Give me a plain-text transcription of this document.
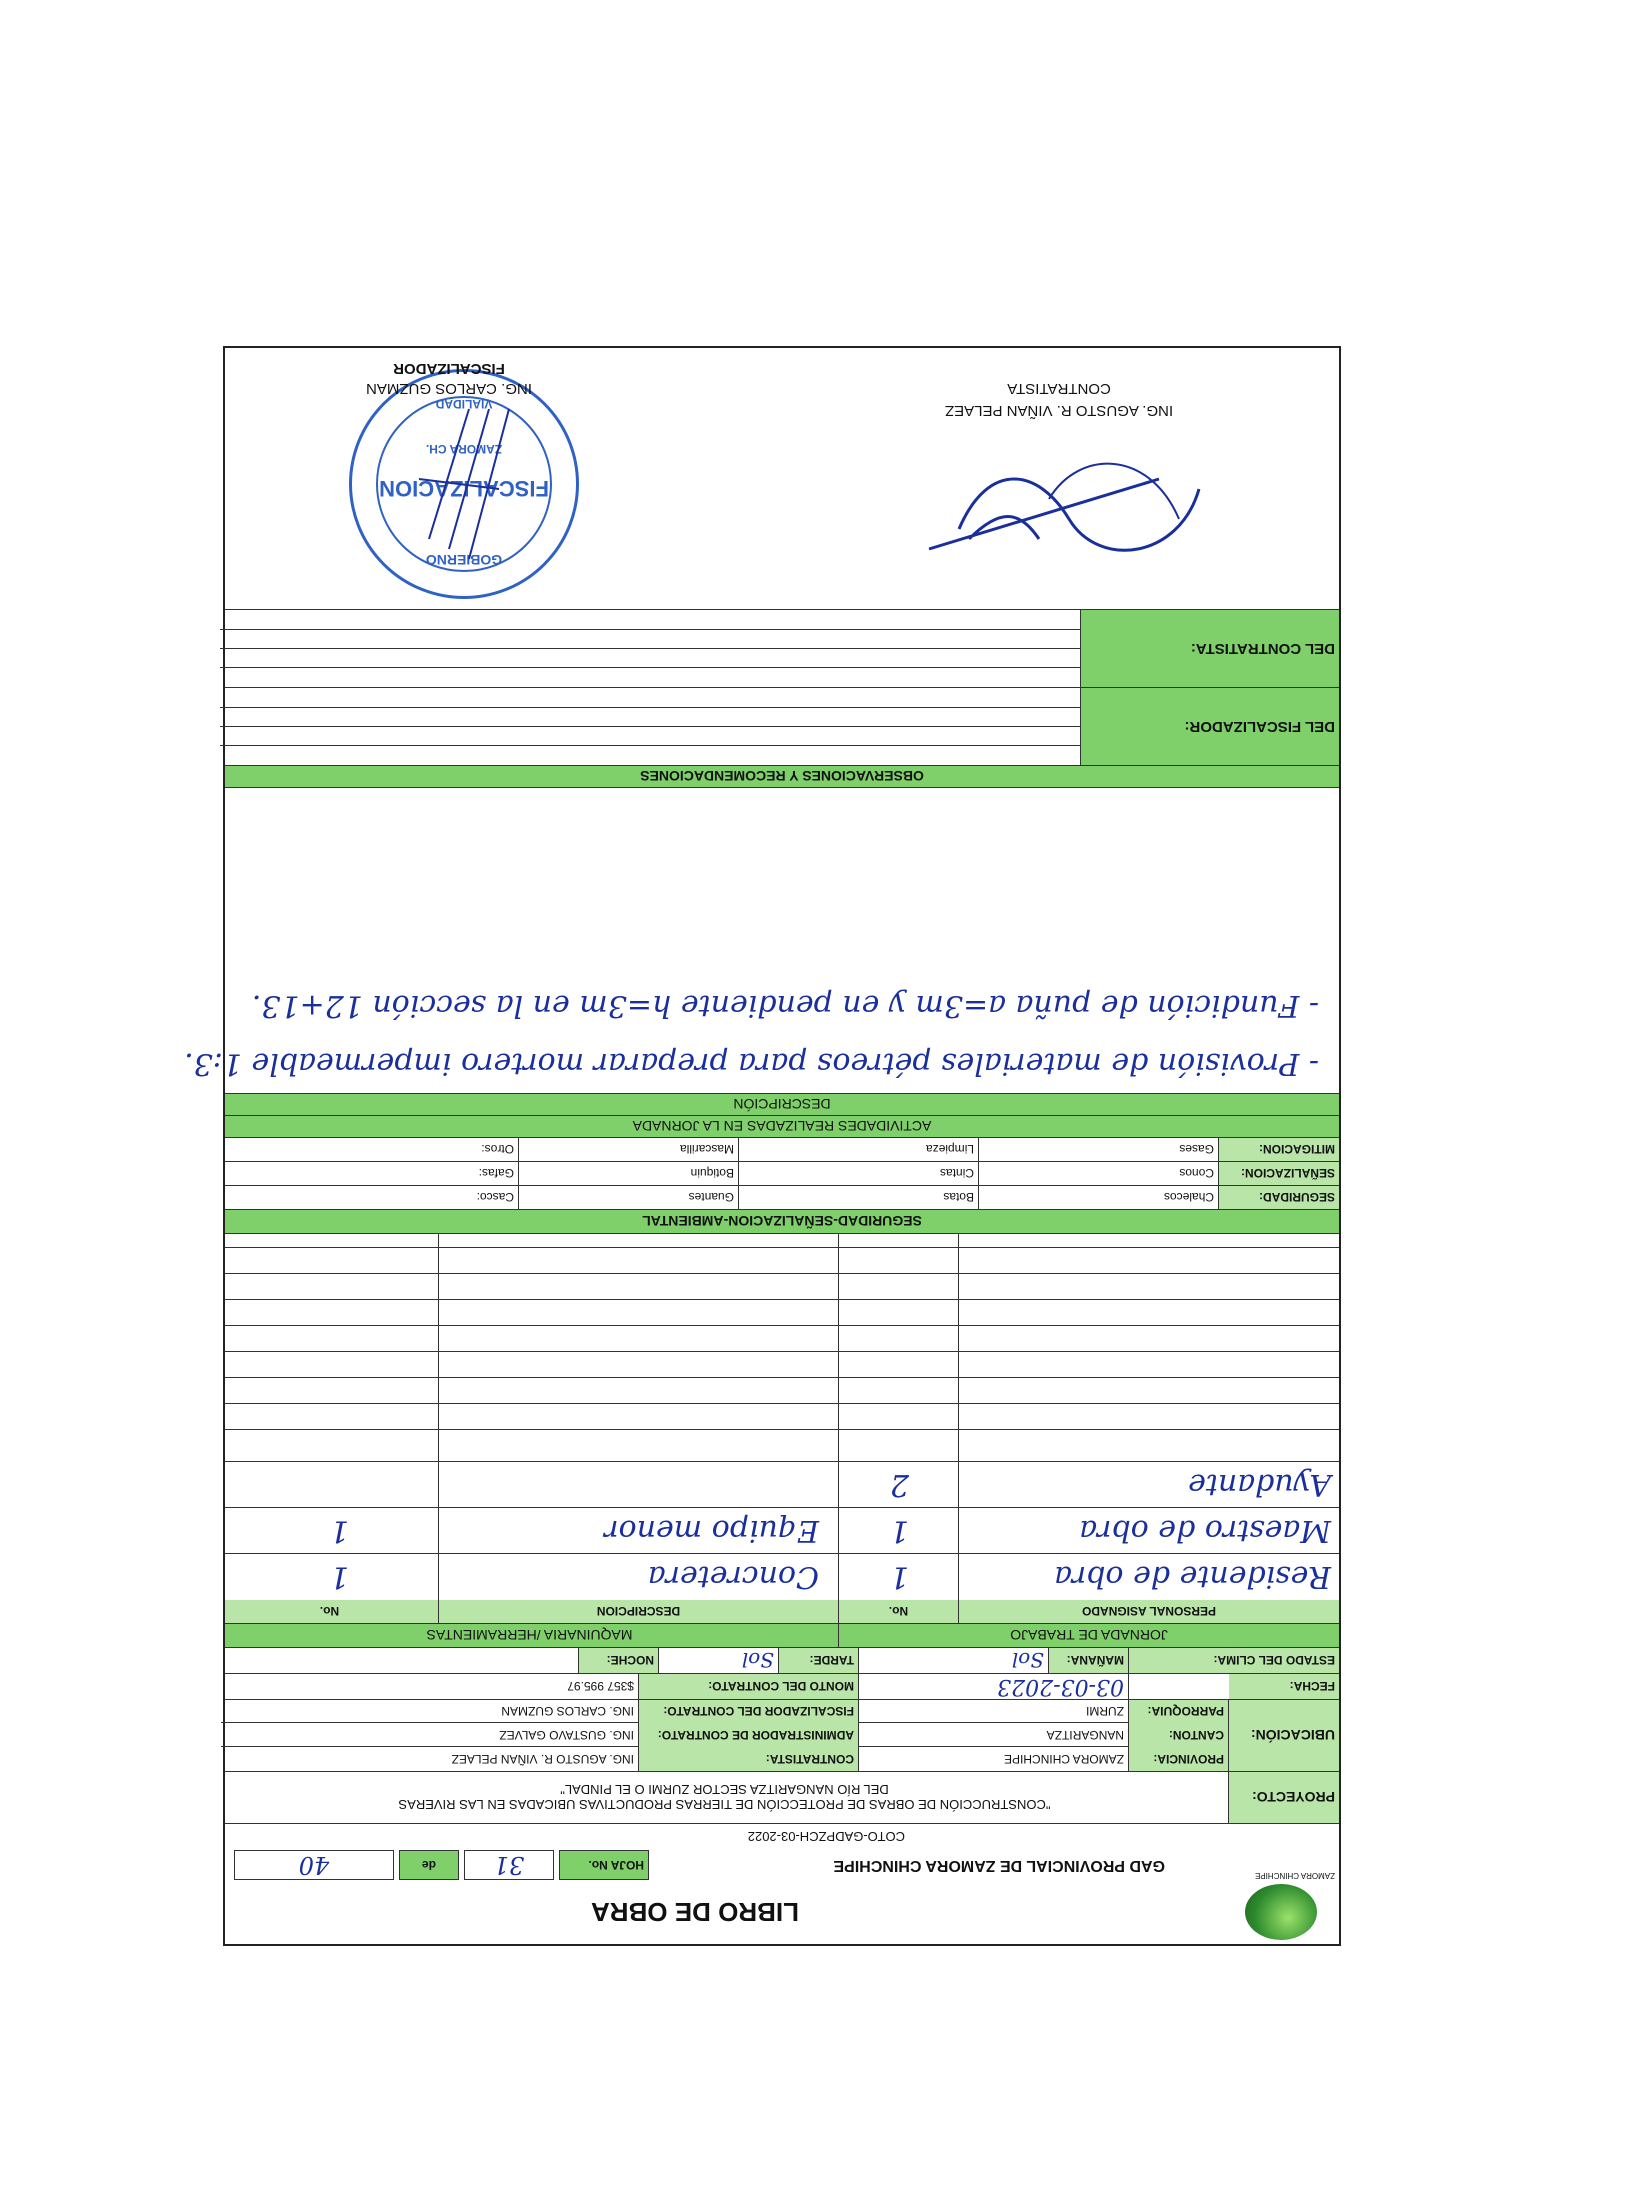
LIBRO DE OBRA
ZAMORA CHINCHIPE
GAD PROVINCIAL DE ZAMORA CHINCHIPE
HOJA No.
31
de
40
COTO-GADPZCH-03-2022
PROYECTO:
"CONSTRUCCIÓN DE OBRAS DE PROTECCIÓN DE TIERRAS PRODUCTIVAS UBICADAS EN LAS RIVERAS
DEL RÍO NANGARITZA SECTOR ZURMI O EL PINDAL"
UBICACIÓN:
PROVINCIA:
ZAMORA CHINCHIPE
CANTON:
NANGARITZA
PARROQUIA:
ZURMI
CONTRATISTA:
ING. AGUSTO R. VIÑAN PELAEZ
ADMINISTRADOR DE CONTRATO:
ING. GUSTAVO GALVEZ
FISCALIZADOR DEL CONTRATO:
ING. CARLOS GUZMAN
FECHA:
03-03-2023
MONTO DEL CONTRATO:
$357 995.97
ESTADO DEL CLIMA:
MAÑANA:
Sol
TARDE:
Sol
NOCHE:
JORNADA DE TRABAJO
MAQUINARIA /HERRAMIENTAS
PERSONAL ASIGNADO
No.
DESCRIPCION
No.
Residente de obra
1
Concretera
1
Maestro de obra
1
Equipo menor
1
Ayudante
2
SEGURIDAD-SEÑALIZACION-AMBIENTAL
SEGURIDAD:
Chalecos
Botas
Guantes
Casco:
SEÑALIZACION:
Conos
Cintas
Botiquin
Gafas:
MITIGACION:
Gases
Limpieza
Mascarilla
Otros:
ACTIVIDADES REALIZADAS EN LA JORNADA
DESCRIPCIÓN
- Provisión de materiales pétreos para preparar mortero impermeable 1:3.
- Fundición de puña a=3m y en pendiente h=3m en la sección 12+13.
OBSERVACIONES Y RECOMENDACIONES
DEL FISCALIZADOR:
DEL CONTRATISTA:
ING. AGUSTO R. VIÑAN PELAEZ
CONTRATISTA
FISCALIZACION
GOBIERNO
VIALIDAD
ZAMORA CH.
ING. CARLOS GUZMAN
FISCALIZADOR
